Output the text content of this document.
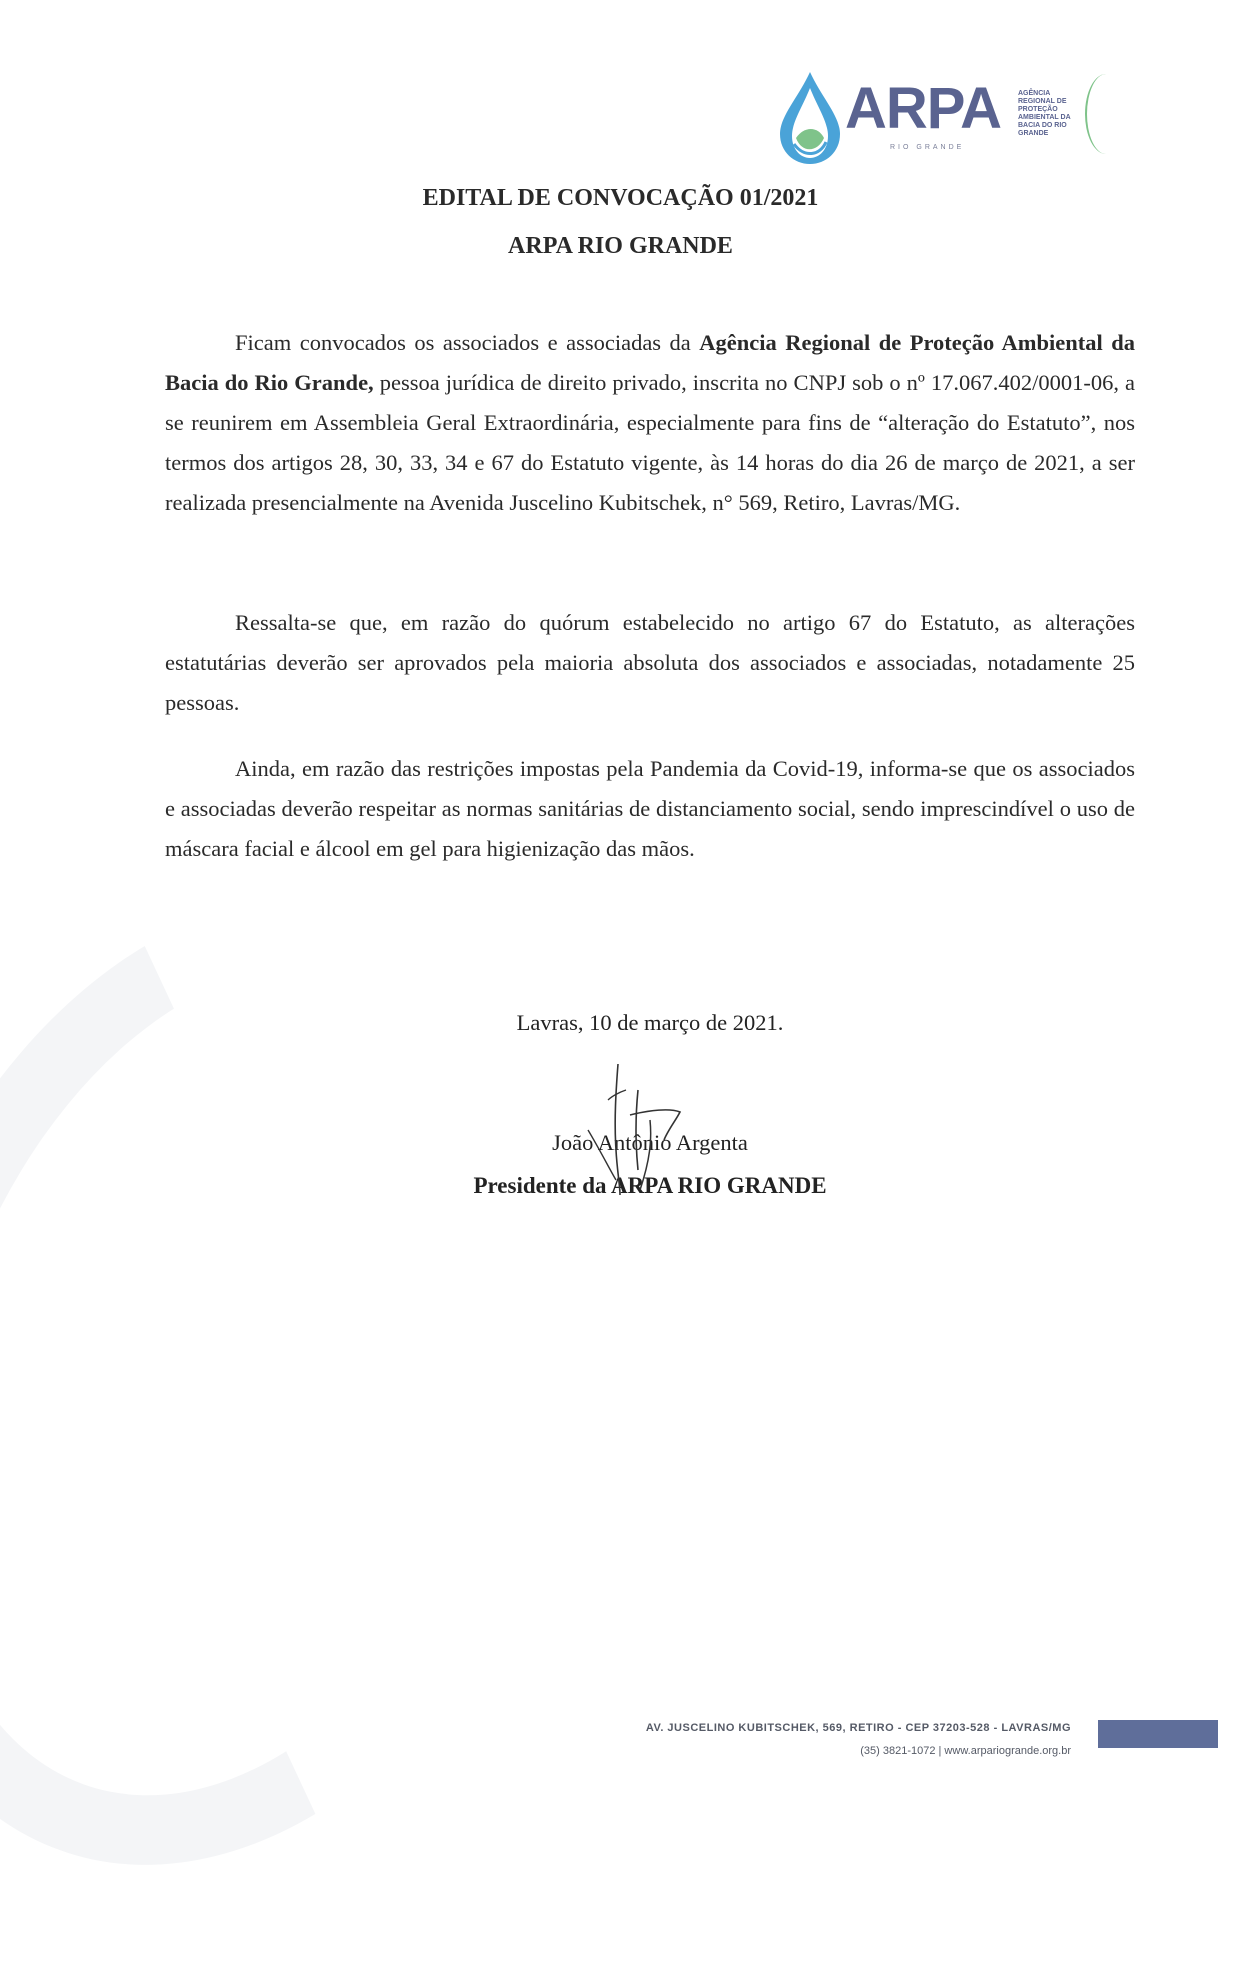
ARPA
RIO GRANDE
AGÊNCIA REGIONAL DE PROTEÇÃO AMBIENTAL DA BACIA DO RIO GRANDE
EDITAL DE CONVOCAÇÃO 01/2021
ARPA RIO GRANDE
Ficam convocados os associados e associadas da Agência Regional de Proteção Ambiental da Bacia do Rio Grande, pessoa jurídica de direito privado, inscrita no CNPJ sob o nº 17.067.402/0001-06, a se reunirem em Assembleia Geral Extraordinária, especialmente para fins de “alteração do Estatuto”, nos termos dos artigos 28, 30, 33, 34 e 67 do Estatuto vigente, às 14 horas do dia 26 de março de 2021, a ser realizada presencialmente na Avenida Juscelino Kubitschek, n° 569, Retiro, Lavras/MG.
Ressalta-se que, em razão do quórum estabelecido no artigo 67 do Estatuto, as alterações estatutárias deverão ser aprovados pela maioria absoluta dos associados e associadas, notadamente 25 pessoas.
Ainda, em razão das restrições impostas pela Pandemia da Covid-19, informa-se que os associados e associadas deverão respeitar as normas sanitárias de distanciamento social, sendo imprescindível o uso de máscara facial e álcool em gel para higienização das mãos.
Lavras, 10 de março de 2021.
João Antônio Argenta
Presidente da ARPA RIO GRANDE
AV. JUSCELINO KUBITSCHEK, 569, RETIRO - CEP 37203-528 - LAVRAS/MG
(35) 3821-1072 | www.arpariogrande.org.br
